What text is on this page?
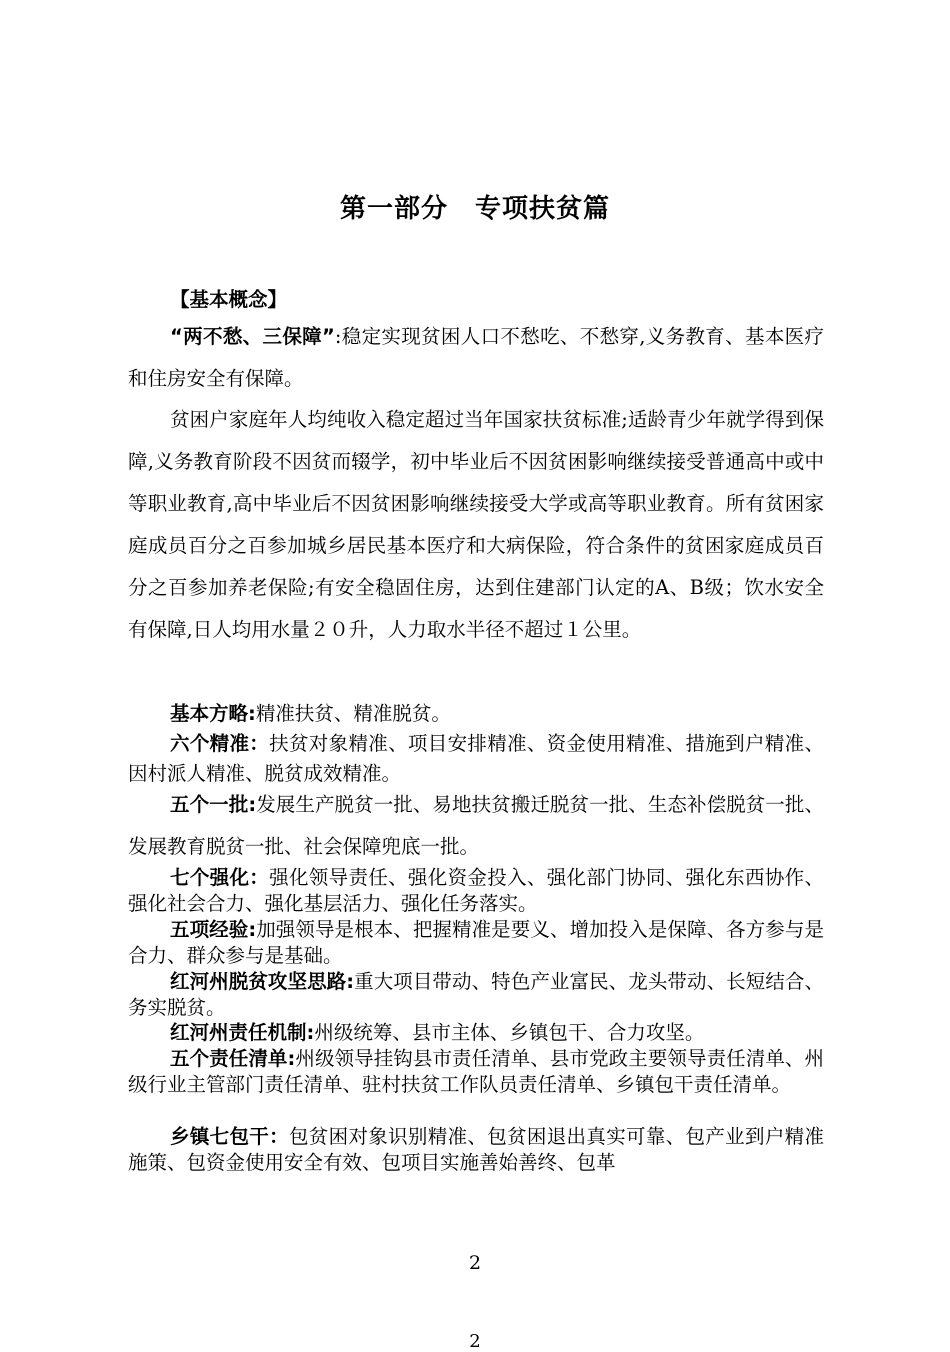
第一部分　专项扶贫篇
【基本概念】
“两不愁、三保障”:稳定实现贫困人口不愁吃、不愁穿,义务教育、基本医疗和住房安全有保障。
贫困户家庭年人均纯收入稳定超过当年国家扶贫标准;适龄青少年就学得到保障,义务教育阶段不因贫而辍学，初中毕业后不因贫困影响继续接受普通高中或中等职业教育,高中毕业后不因贫困影响继续接受大学或高等职业教育。所有贫困家庭成员百分之百参加城乡居民基本医疗和大病保险，符合条件的贫困家庭成员百分之百参加养老保险;有安全稳固住房，达到住建部门认定的A、B级；饮水安全有保障,日人均用水量２０升，人力取水半径不超过１公里。
基本方略:精准扶贫、精准脱贫。
六个精准：扶贫对象精准、项目安排精准、资金使用精准、措施到户精准、因村派人精准、脱贫成效精准。
五个一批:发展生产脱贫一批、易地扶贫搬迁脱贫一批、生态补偿脱贫一批、发展教育脱贫一批、社会保障兜底一批。
七个强化：强化领导责任、强化资金投入、强化部门协同、强化东西协作、强化社会合力、强化基层活力、强化任务落实。
五项经验:加强领导是根本、把握精准是要义、增加投入是保障、各方参与是合力、群众参与是基础。
红河州脱贫攻坚思路:重大项目带动、特色产业富民、龙头带动、长短结合、务实脱贫。
红河州责任机制:州级统筹、县市主体、乡镇包干、合力攻坚。
五个责任清单:州级领导挂钩县市责任清单、县市党政主要领导责任清单、州级行业主管部门责任清单、驻村扶贫工作队员责任清单、乡镇包干责任清单。
乡镇七包干：包贫困对象识别精准、包贫困退出真实可靠、包产业到户精准施策、包资金使用安全有效、包项目实施善始善终、包革
2
2
